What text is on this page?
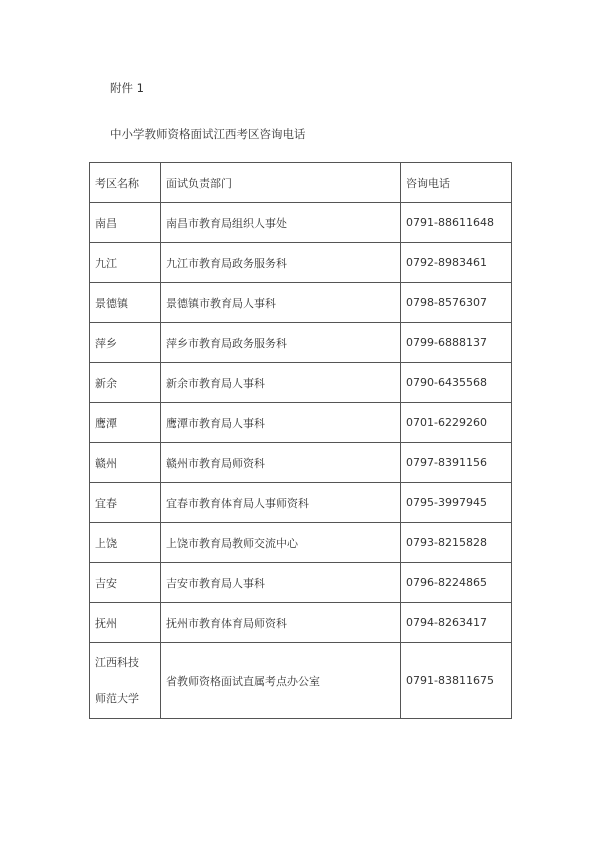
附件 1
中小学教师资格面试江西考区咨询电话
考区名称	面试负责部门	咨询电话
南昌	南昌市教育局组织人事处	0791-88611648
九江	九江市教育局政务服务科	0792-8983461
景德镇	景德镇市教育局人事科	0798-8576307
萍乡	萍乡市教育局政务服务科	0799-6888137
新余	新余市教育局人事科	0790-6435568
鹰潭	鹰潭市教育局人事科	0701-6229260
赣州	赣州市教育局师资科	0797-8391156
宜春	宜春市教育体育局人事师资科	0795-3997945
上饶	上饶市教育局教师交流中心	0793-8215828
吉安	吉安市教育局人事科	0796-8224865
抚州	抚州市教育体育局师资科	0794-8263417

江西科技
师范大学	省教师资格面试直属考点办公室	0791-83811675
